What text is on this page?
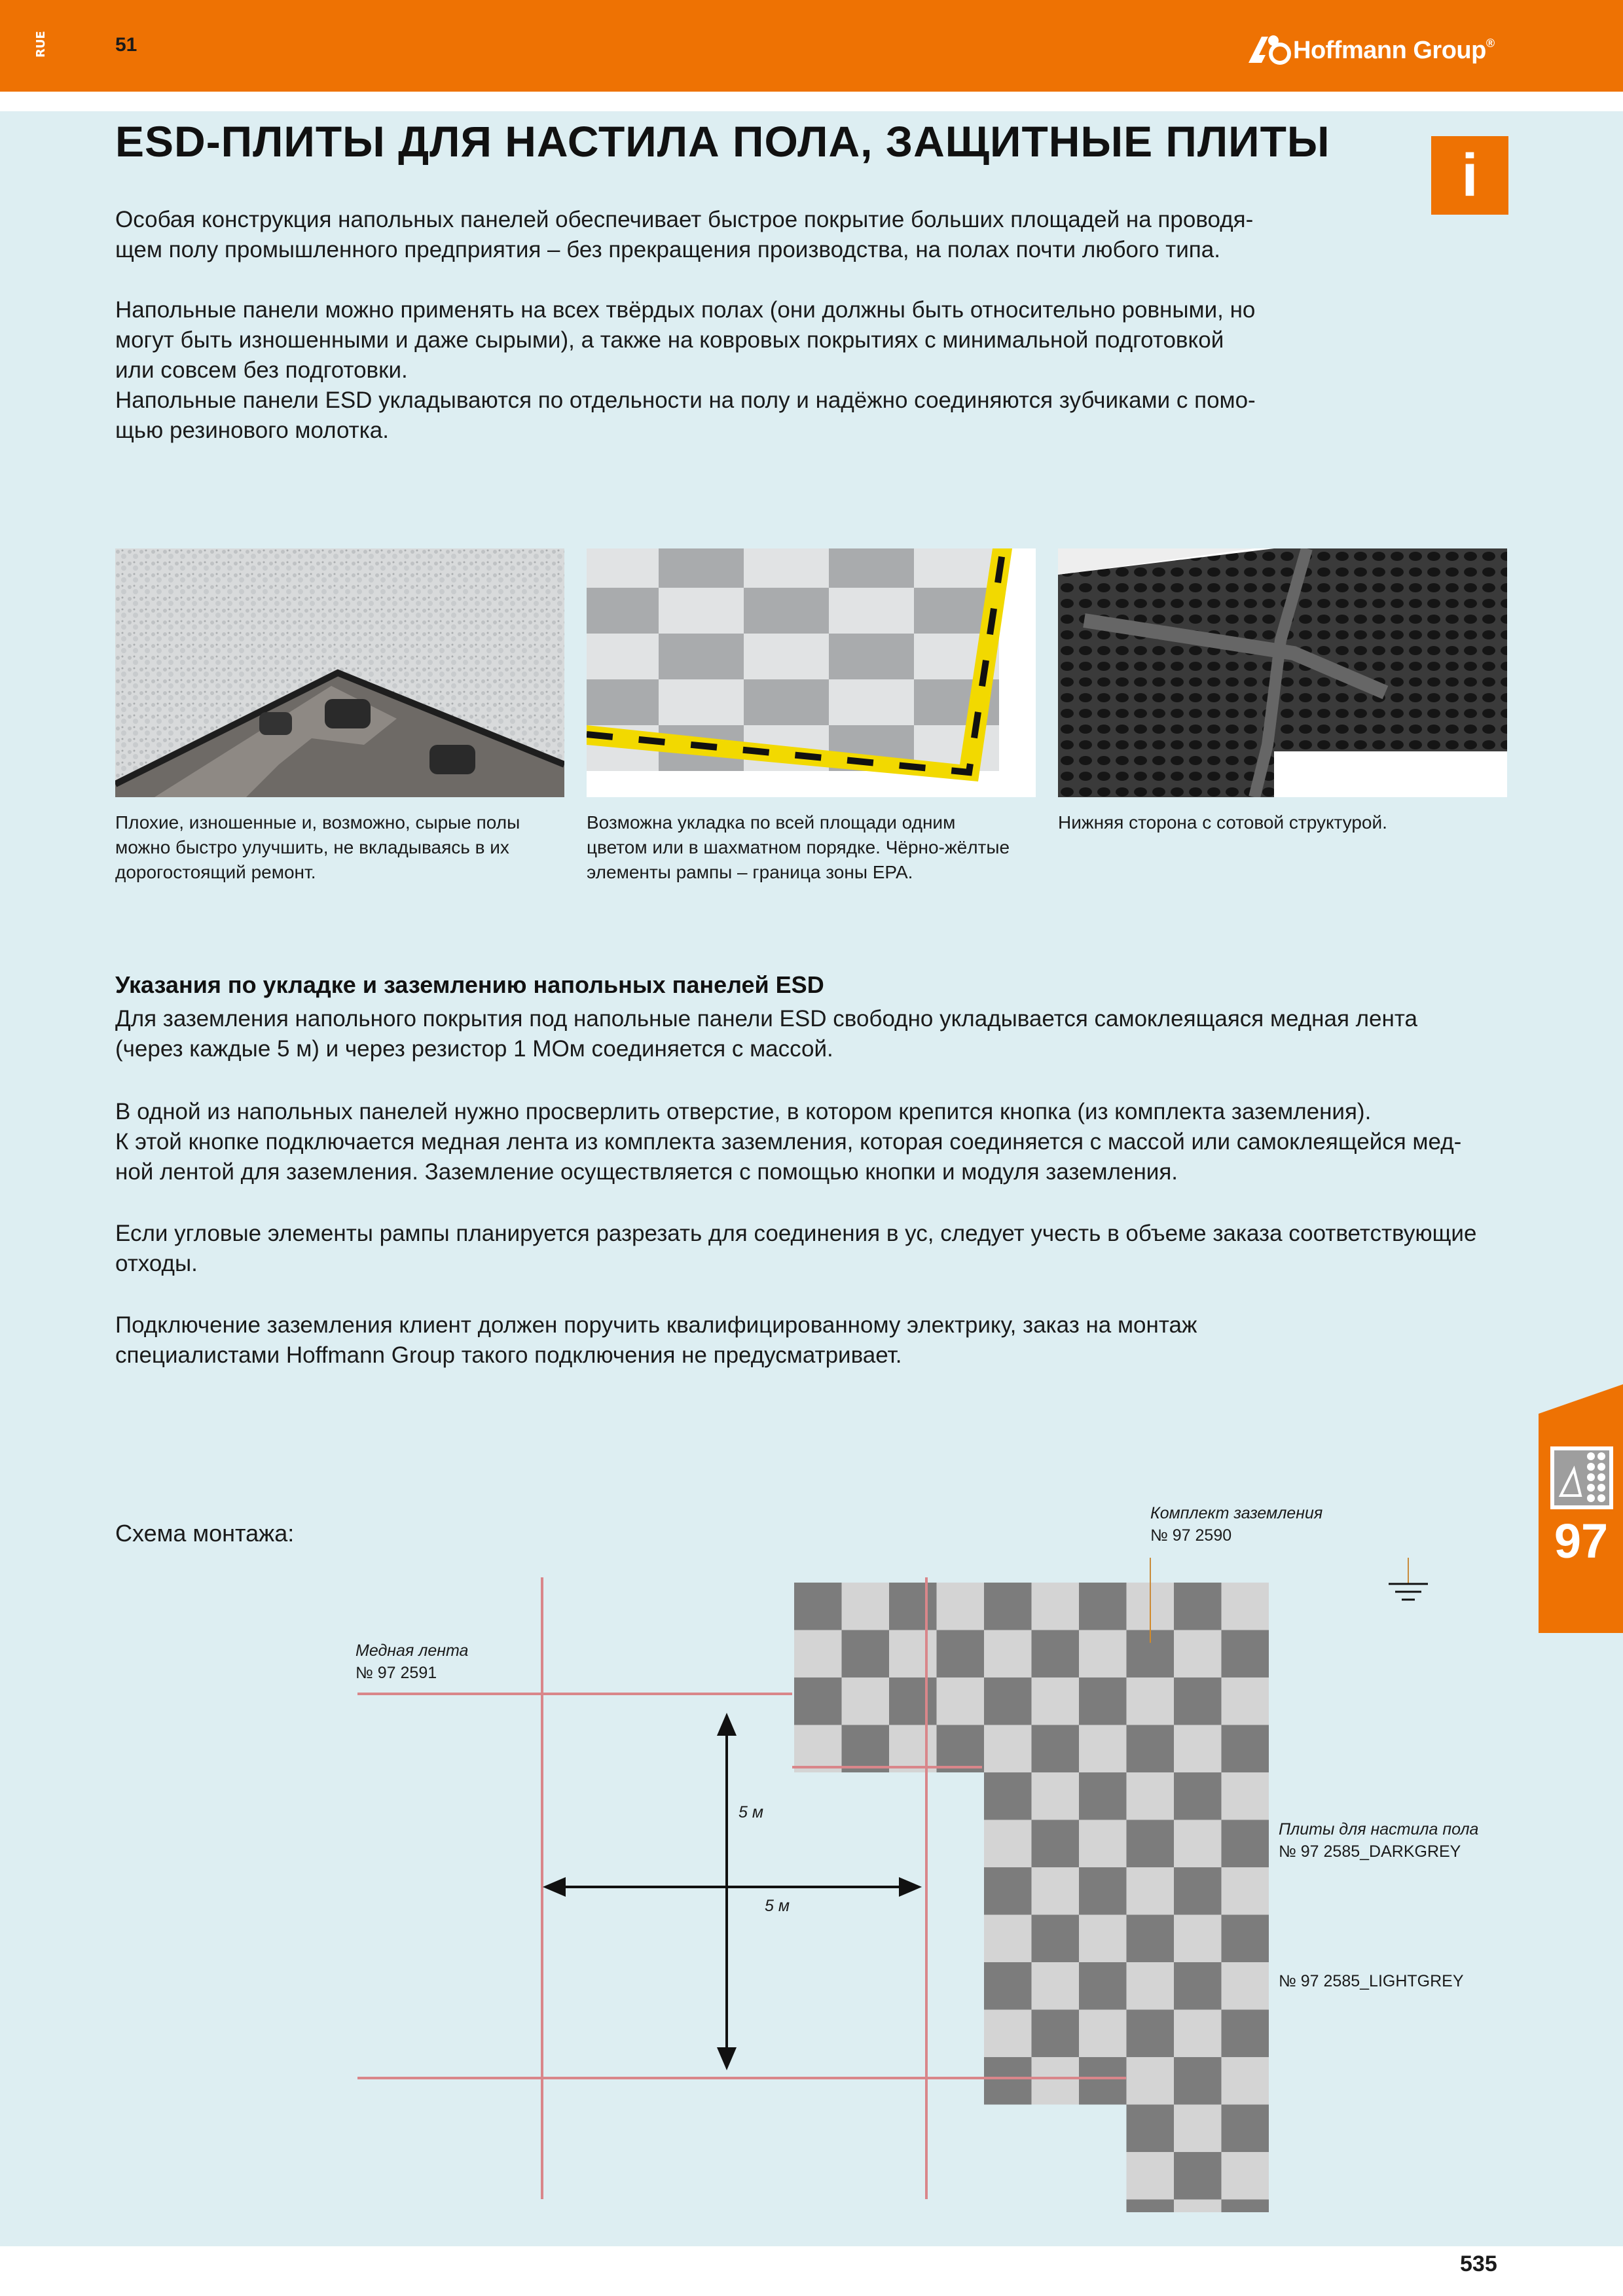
RUE	51	Hoffmann Group®
ESD-ПЛИТЫ ДЛЯ НАСТИЛА ПОЛА, ЗАЩИТНЫЕ ПЛИТЫ
i
Особая конструкция напольных панелей обеспечивает быстрое покрытие больших площадей на проводя-
щем полу промышленного предприятия – без прекращения производства, на полах почти любого типа.
Напольные панели можно применять на всех твёрдых полах (они должны быть относительно ровными, но
могут быть изношенными и даже сырыми), а также на ковровых покрытиях с минимальной подготовкой
или совсем без подготовки.
Напольные панели ESD укладываются по отдельности на полу и надёжно соединяются зубчиками с помо-
щью резинового молотка.
Плохие, изношенные и, возможно, сырые полы
можно быстро улучшить, не вкладываясь в их
дорогостоящий ремонт.
Возможна укладка по всей площади одним
цветом или в шахматном порядке. Чёрно-жёлтые
элементы рампы – граница зоны EPA.
Нижняя сторона с сотовой структурой.
Указания по укладке и заземлению напольных панелей ESD
Для заземления напольного покрытия под напольные панели ESD свободно укладывается самоклеящаяся медная лента
(через каждые 5 м) и через резистор 1 МОм соединяется с массой.
В одной из напольных панелей нужно просверлить отверстие, в котором крепится кнопка (из комплекта заземления).
К этой кнопке подключается медная лента из комплекта заземления, которая соединяется с массой или самоклеящейся мед-
ной лентой для заземления. Заземление осуществляется с помощью кнопки и модуля заземления.
Если угловые элементы рампы планируется разрезать для соединения в ус, следует учесть в объеме заказа соответствующие
отходы.
Подключение заземления клиент должен поручить квалифицированному электрику, заказ на монтаж
специалистами Hoffmann Group такого подключения не предусматривает.
97
Схема монтажа:
Комплект заземления
№ 97 2590
Медная лента
№ 97 2591
Плиты для настила пола
№ 97 2585_DARKGREY
№ 97 2585_LIGHTGREY
5 м
5 м
535
